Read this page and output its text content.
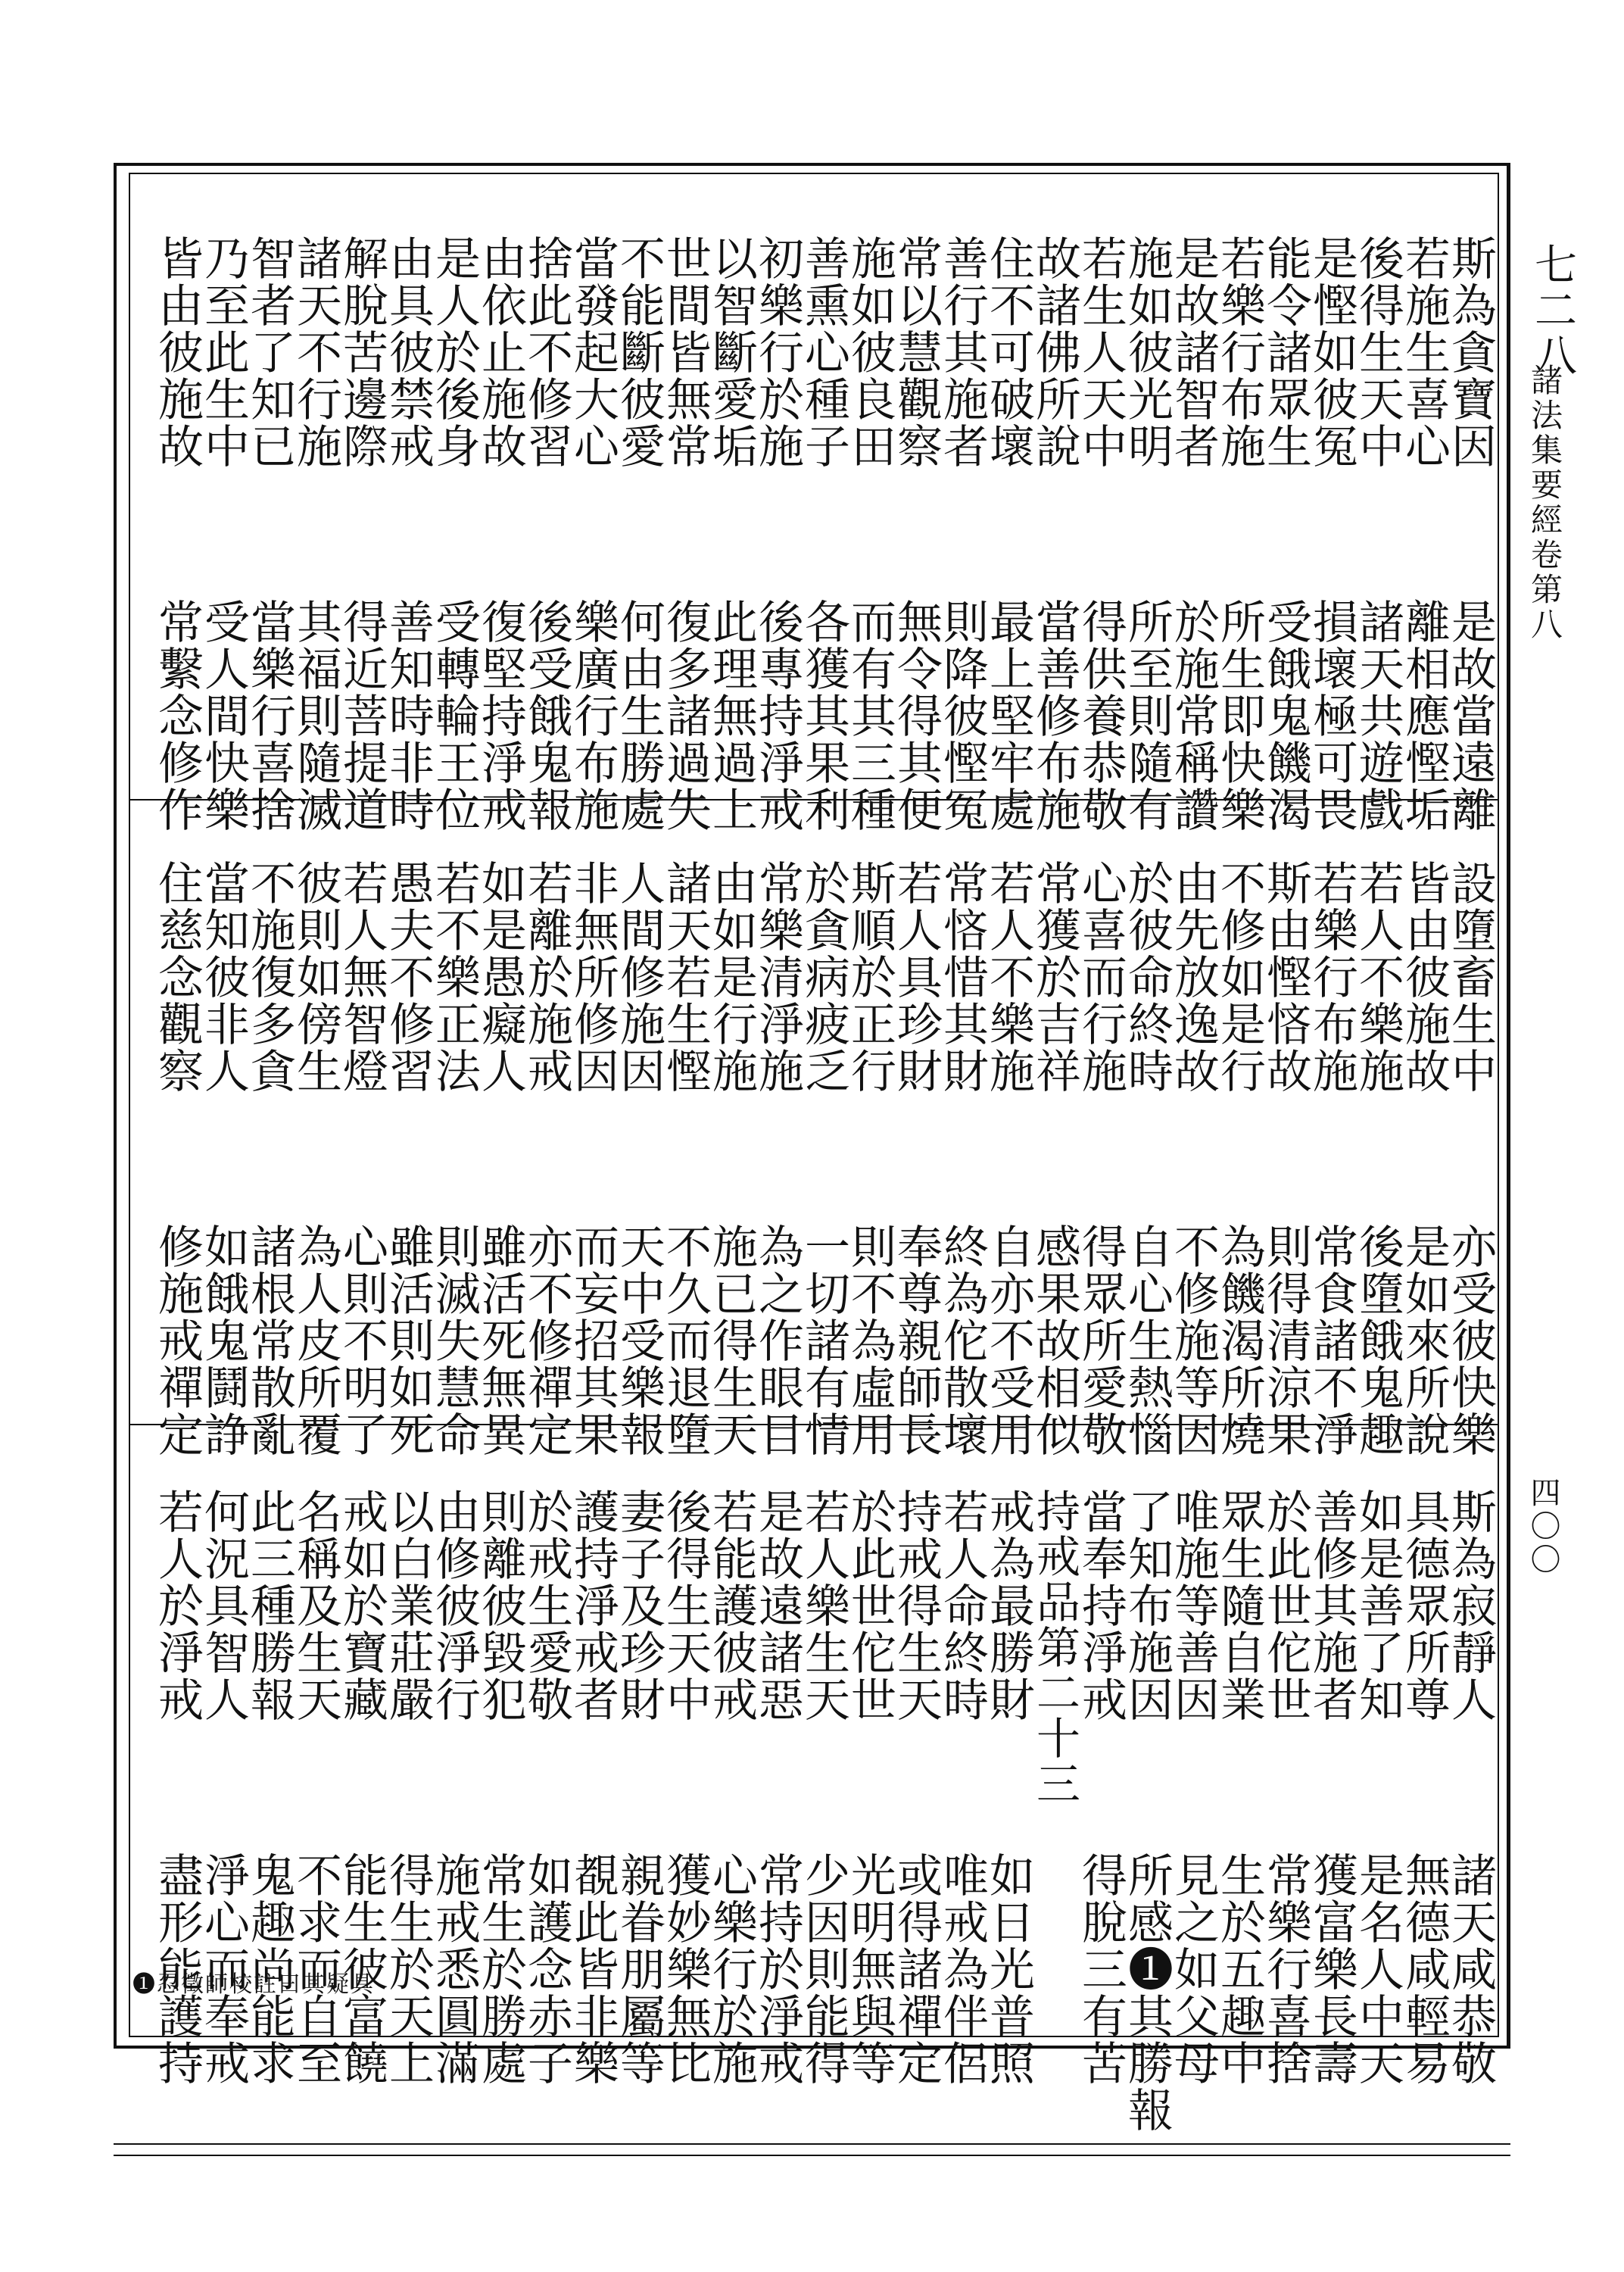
七二八
諸法集要經卷第八
四〇〇
斯為貪寶因是故當遠離
若施生喜心離相應慳垢
後得生天中諸天共遊戲
是慳如彼冤損壞極可畏
能令諸眾生受餓鬼饑渴
若樂行布施所生即快樂
是故諸智者於施常稱讚
施如彼光明所至則隨有
若生人天中得供養恭敬
故諸佛所說當善修布施
住不可破壞最上堅牢處
善行其施者則降彼慳冤
常以慧觀察無令得其便
施如彼良田而有其三種
善熏心種子各獲其果利
初樂行於施後專持淨戒
以智斷愛垢此理無過上
世間皆無常復多諸過失
不能斷彼愛何由生勝處
當發起大心樂廣行布施
捨此不修習後受餓鬼報
由依止施故復堅持淨戒
是人於後身受轉輪王位
由具彼禁戒善知時非時
解脫苦邊際得近菩提道
諸天不行施其福則隨滅
智者了知已當樂行喜捨
乃至此生中受人間快樂
皆由彼施故常繫念修作
設墮畜生中亦受彼快樂
皆由彼施故是如來所說
若人不樂施後墮餓鬼趣
若樂行布施常食諸不淨
斯由慳悋故則得清涼果
不修如是行為饑渴所燒
由先放逸故不修施等因
於彼命終時自心生熱惱
心喜而行施得眾所愛敬
常獲於吉祥感果故相似
若人不樂施自亦不受用
常悋惜其財終為佗散壞
若人具珍財奉尊親師長
斯順於正行則不為虛用
於貪病疲乏一切諸有情
常樂清淨施為之作眼目
由如是行施施已得生天
諸天若生慳不久而退墮
人間修施因天中受樂報
非無所修因而妄招其果
若離於施戒亦不修禪定
如是愚癡人雖活死無異
若不樂正法則滅失慧命
愚夫不修習雖活則如死
若人無智燈心則不明了
彼則如傍生為人皮所覆
不施復多貪諸根常散亂
當知彼非人如餓鬼鬪諍
住慈念觀察修施戒禪定
斯為寂靜人諸天咸恭敬
具德眾所尊無德咸輕易
如是善了知是名人中天
善修其施者獲富樂長壽
於此世佗世常樂行喜捨
眾生隨自業生於五趣中
唯施等善因見之如父母
了知布施因所感❶其勝報
當奉持淨戒得脫三有苦
持戒品第二十三
戒為最勝財如日光普照
若人命終時唯戒為伴侶
持戒得生天或得諸禪定
於此世佗世光明無與等
若人樂生天少因則能得
是故遠諸惡常持於淨戒
若能護彼戒心樂行於施
後得生天中獲妙樂無比
妻子及珍財親眷朋屬等
護持淨戒者覩此皆非樂
於戒生愛敬如護念赤子
則離彼毀犯常生於勝處
由修彼淨行施戒悉圓滿
以白業莊嚴得生於天上
戒如於寶藏能生彼富饒
名稱及生天不求而自至
此三種勝報鬼趣尚能求
何況具智人淨心而奉戒
若人於淨戒盡形能護持
❶忍徵師校註曰其疑具
